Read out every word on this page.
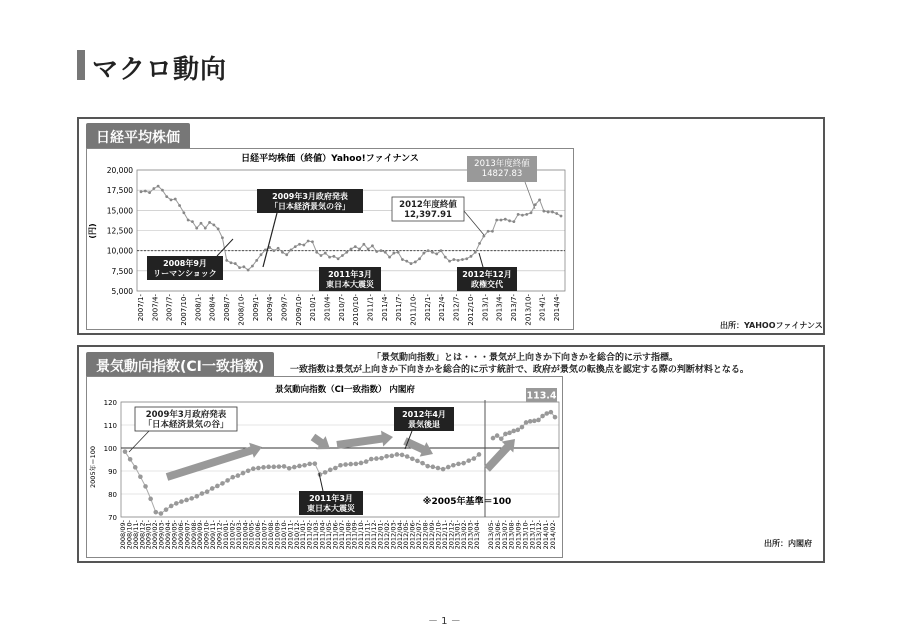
マクロ動向
日経平均株価
日経平均株価（終値）Yahoo!ファイナンス
20,000
17,500
15,000
12,500
10,000
7,500
5,000
(円)
2007/1- 2007/4- 2007/7- 2007/10- 2008/1- 2008/4- 2008/7- 2008/10- 2009/1- 2009/4- 2009/7- 2009/10- 2010/1- 2010/4- 2010/7- 2010/10- 2011/1- 2011/4- 2011/7- 2011/10- 2012/1- 2012/4- 2012/7- 2012/10- 2013/1- 2013/4- 2013/7- 2013/10- 2014/1- 2014/4-
2009年3月政府発表
「日本経済景気の谷」	2012年度終値
12,397.91
2013年度終値
14827.83
2008年9月
リーマンショック	2011年3月
東日本大震災
2012年12月
政権交代
出所：YAHOOファイナンス
景気動向指数(CI一致指数)
「景気動向指数」とは・・・景気が上向きか下向きかを総合的に示す指標。
一致指数は景気が上向きか下向きかを総合的に示す統計で、政府が景気の転換点を認定する際の判断材料となる。
景気動向指数（CI一致指数） 内閣府
120
110
100
90
80
70
2005年＝100
2008/09-
2008/10-
2008/11-
2008/12-
2009/01-
2009/02-
2009/03-
2009/04-
2009/05-
2009/06-
2009/07-
2009/08-
2009/09-
2009/10-
2009/11-
2009/12-
2010/01-
2010/02-
2010/03-
2010/04-
2010/05-
2010/06-
2010/07-
2010/08-
2010/09-
2010/10-
2010/11-
2010/12-
2011/01-
2011/02-
2011/03-
2011/04-
2011/05-
2011/06-
2011/07-
2011/08-
2011/09-
2011/10-
2011/11-
2011/12-
2012/01-
2012/02-
2012/03-
2012/04-
2012/05-
2012/06-
2012/07-
2012/08-
2012/09-
2012/10-
2012/11-
2012/12-
2013/01-
2013/02-
2013/03-
2013/04- 2013/05-
2013/06-
2013/07-
2013/08-
2013/09-
2013/10-
2013/11-
2013/12-
2014/01-
2014/02-
113.4
2009年3月政府発表
「日本経済景気の谷」
2012年4月
景気後退
2011年3月
東日本大震災
※2005年基準＝100
出所：内閣府
－ 1 －
